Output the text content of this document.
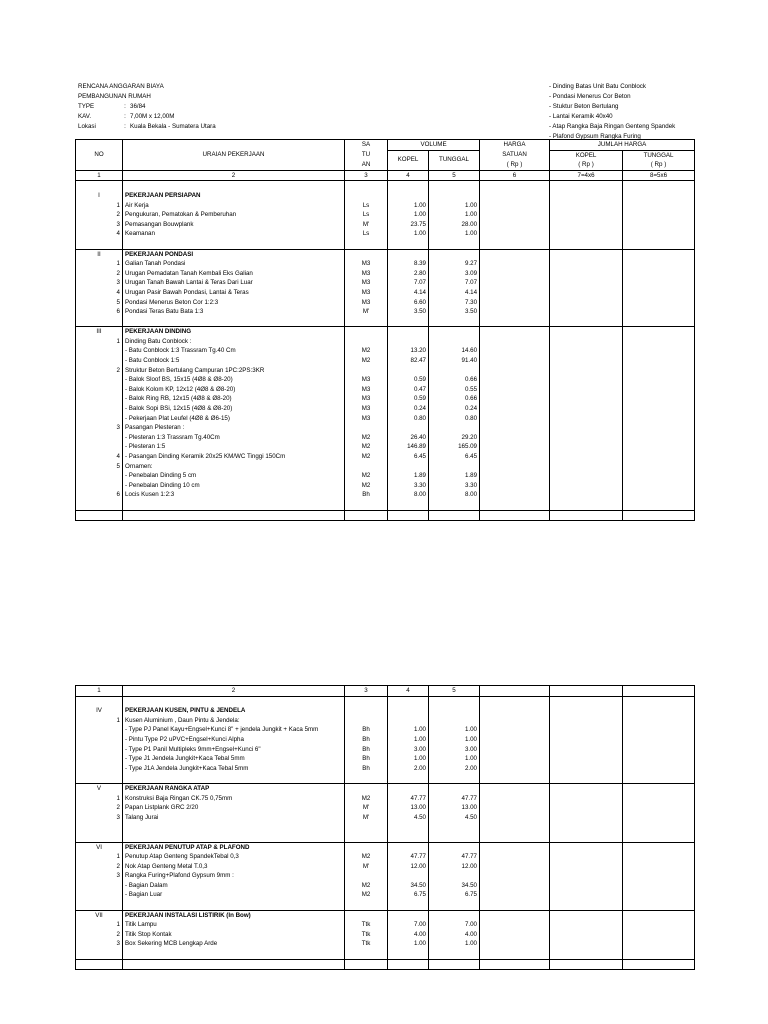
RENCANA ANGGARAN BIAYA
PEMBANGUNAN RUMAH
TYPE	: 36/84
KAV.	: 7,00M x 12,00M
Lokasi	: Kuala Bekala - Sumatera Utara
- Dinding Batas Unit Batu Conblock
- Pondasi Menerus Cor Beton
- Stuktur Beton Bertulang
- Lantai Keramik 40x40
- Atap Rangka Baja Ringan Genteng Spandek
- Plafond Gypsum Rangka Furing
NO	URAIAN PEKERJAAN	SA	VOLUME		HARGA	JUMLAH HARGA	
		TU	KOPEL	TUNGGAL	SATUAN	KOPEL	TUNGGAL
		AN			( Rp )	( Rp )	( Rp )
1	2	3	4	5	6	7=4x6	8=5x6

I	PEKERJAAN PERSIAPAN						
1	Air Kerja	Ls	1.00	1.00			
2	Pengukuran, Pematokan & Pemberuhan	Ls	1.00	1.00			
3	Pemasangan Bouwplank	M'	23.75	28.00			
4	Keamanan	Ls	1.00	1.00			

II	PEKERJAAN PONDASI						
1	Galian Tanah Pondasi	M3	8.39	9.27			
2	Urugan Pemadatan Tanah Kembali Eks Galian	M3	2.80	3.09			
3	Urugan Tanah Bawah Lantai & Teras Dari Luar	M3	7.07	7.07			
4	Urugan Pasir Bawah Pondasi, Lantai & Teras	M3	4.14	4.14			
5	Pondasi Menerus Beton Cor 1:2:3	M3	6.60	7.30			
6	Pondasi Teras Batu Bata 1:3	M'	3.50	3.50			

III	PEKERJAAN DINDING						
1	Dinding Batu Conblock :						
	- Batu Conblock 1:3 Trassram Tg.40 Cm	M2	13.20	14.60			
	- Batu Conblock 1:5	M2	82.47	91.40			
2	Struktur Beton Bertulang Campuran 1PC:2PS:3KR						
	- Balok Sloof BS, 15x15 (4Ø8 & Ø8-20)	M3	0.59	0.66			
	- Balok Kolom KP, 12x12 (4Ø8 & Ø8-20)	M3	0.47	0.55			
	- Balok Ring RB, 12x15 (4Ø8 & Ø8-20)	M3	0.59	0.66			
	- Balok Sopi BSi, 12x15 (4Ø8 & Ø8-20)	M3	0.24	0.24			
	- Pekerjaan Plat Leufel (4Ø8 & Ø6-15)	M3	0.80	0.80			
3	Pasangan Plesteran :						
	- Plesteran 1:3 Trassram Tg.40Cm	M2	26.40	29.20			
	- Plesteran 1:5	M2	146.89	165.09			
4	- Pasangan Dinding Keramik 20x25 KM/WC Tinggi 150Cm	M2	6.45	6.45			
5	Ornamen:						
	- Penebalan Dinding 5 cm	M2	1.89	1.89			
	- Penebalan Dinding 10 cm	M2	3.30	3.30			
6	Locis Kusen 1:2:3	Bh	8.00	8.00			

1	2	3	4	5			

IV	PEKERJAAN KUSEN, PINTU & JENDELA						
1	Kusen Aluminium , Daun Pintu & Jendela:						
	- Type PJ Panel Kayu+Engsel+Kunci 8" + jendela Jungkit + Kaca 5mm	Bh	1.00	1.00			
	- Pintu Type P2 uPVC+Engsel+Kunci Alpha	Bh	1.00	1.00			
	- Type P1 Panil Multipleks 9mm+Engsel+Kunci 6"	Bh	3.00	3.00			
	- Type J1 Jendela Jungkit+Kaca Tebal 5mm	Bh	1.00	1.00			
	- Type J1A Jendela Jungkit+Kaca Tebal 5mm	Bh	2.00	2.00			

V	PEKERJAAN RANGKA ATAP						
1	Konstruksi Baja Ringan CK.75 0,75mm	M2	47.77	47.77			
2	Papan Listplank GRC 2/20	M'	13.00	13.00			
3	Talang Jurai	M'	4.50	4.50			

VI	PEKERJAAN PENUTUP ATAP & PLAFOND						
1	Penutup Atap Genteng SpandekTebal 0,3	M2	47.77	47.77			
2	Nok Atap Genteng Metal T.0,3	M'	12.00	12.00			
3	Rangka Furing+Plafond Gypsum 9mm :						
	- Bagian Dalam	M2	34.50	34.50			
	- Bagian Luar	M2	6.75	6.75			

VII	PEKERJAAN INSTALASI LISTIRIK (In Bow)						
1	Titik Lampu	Ttk	7.00	7.00			
2	Titik Stop Kontak	Ttk	4.00	4.00			
3	Box Sekering MCB Lengkap Arde	Ttk	1.00	1.00			
